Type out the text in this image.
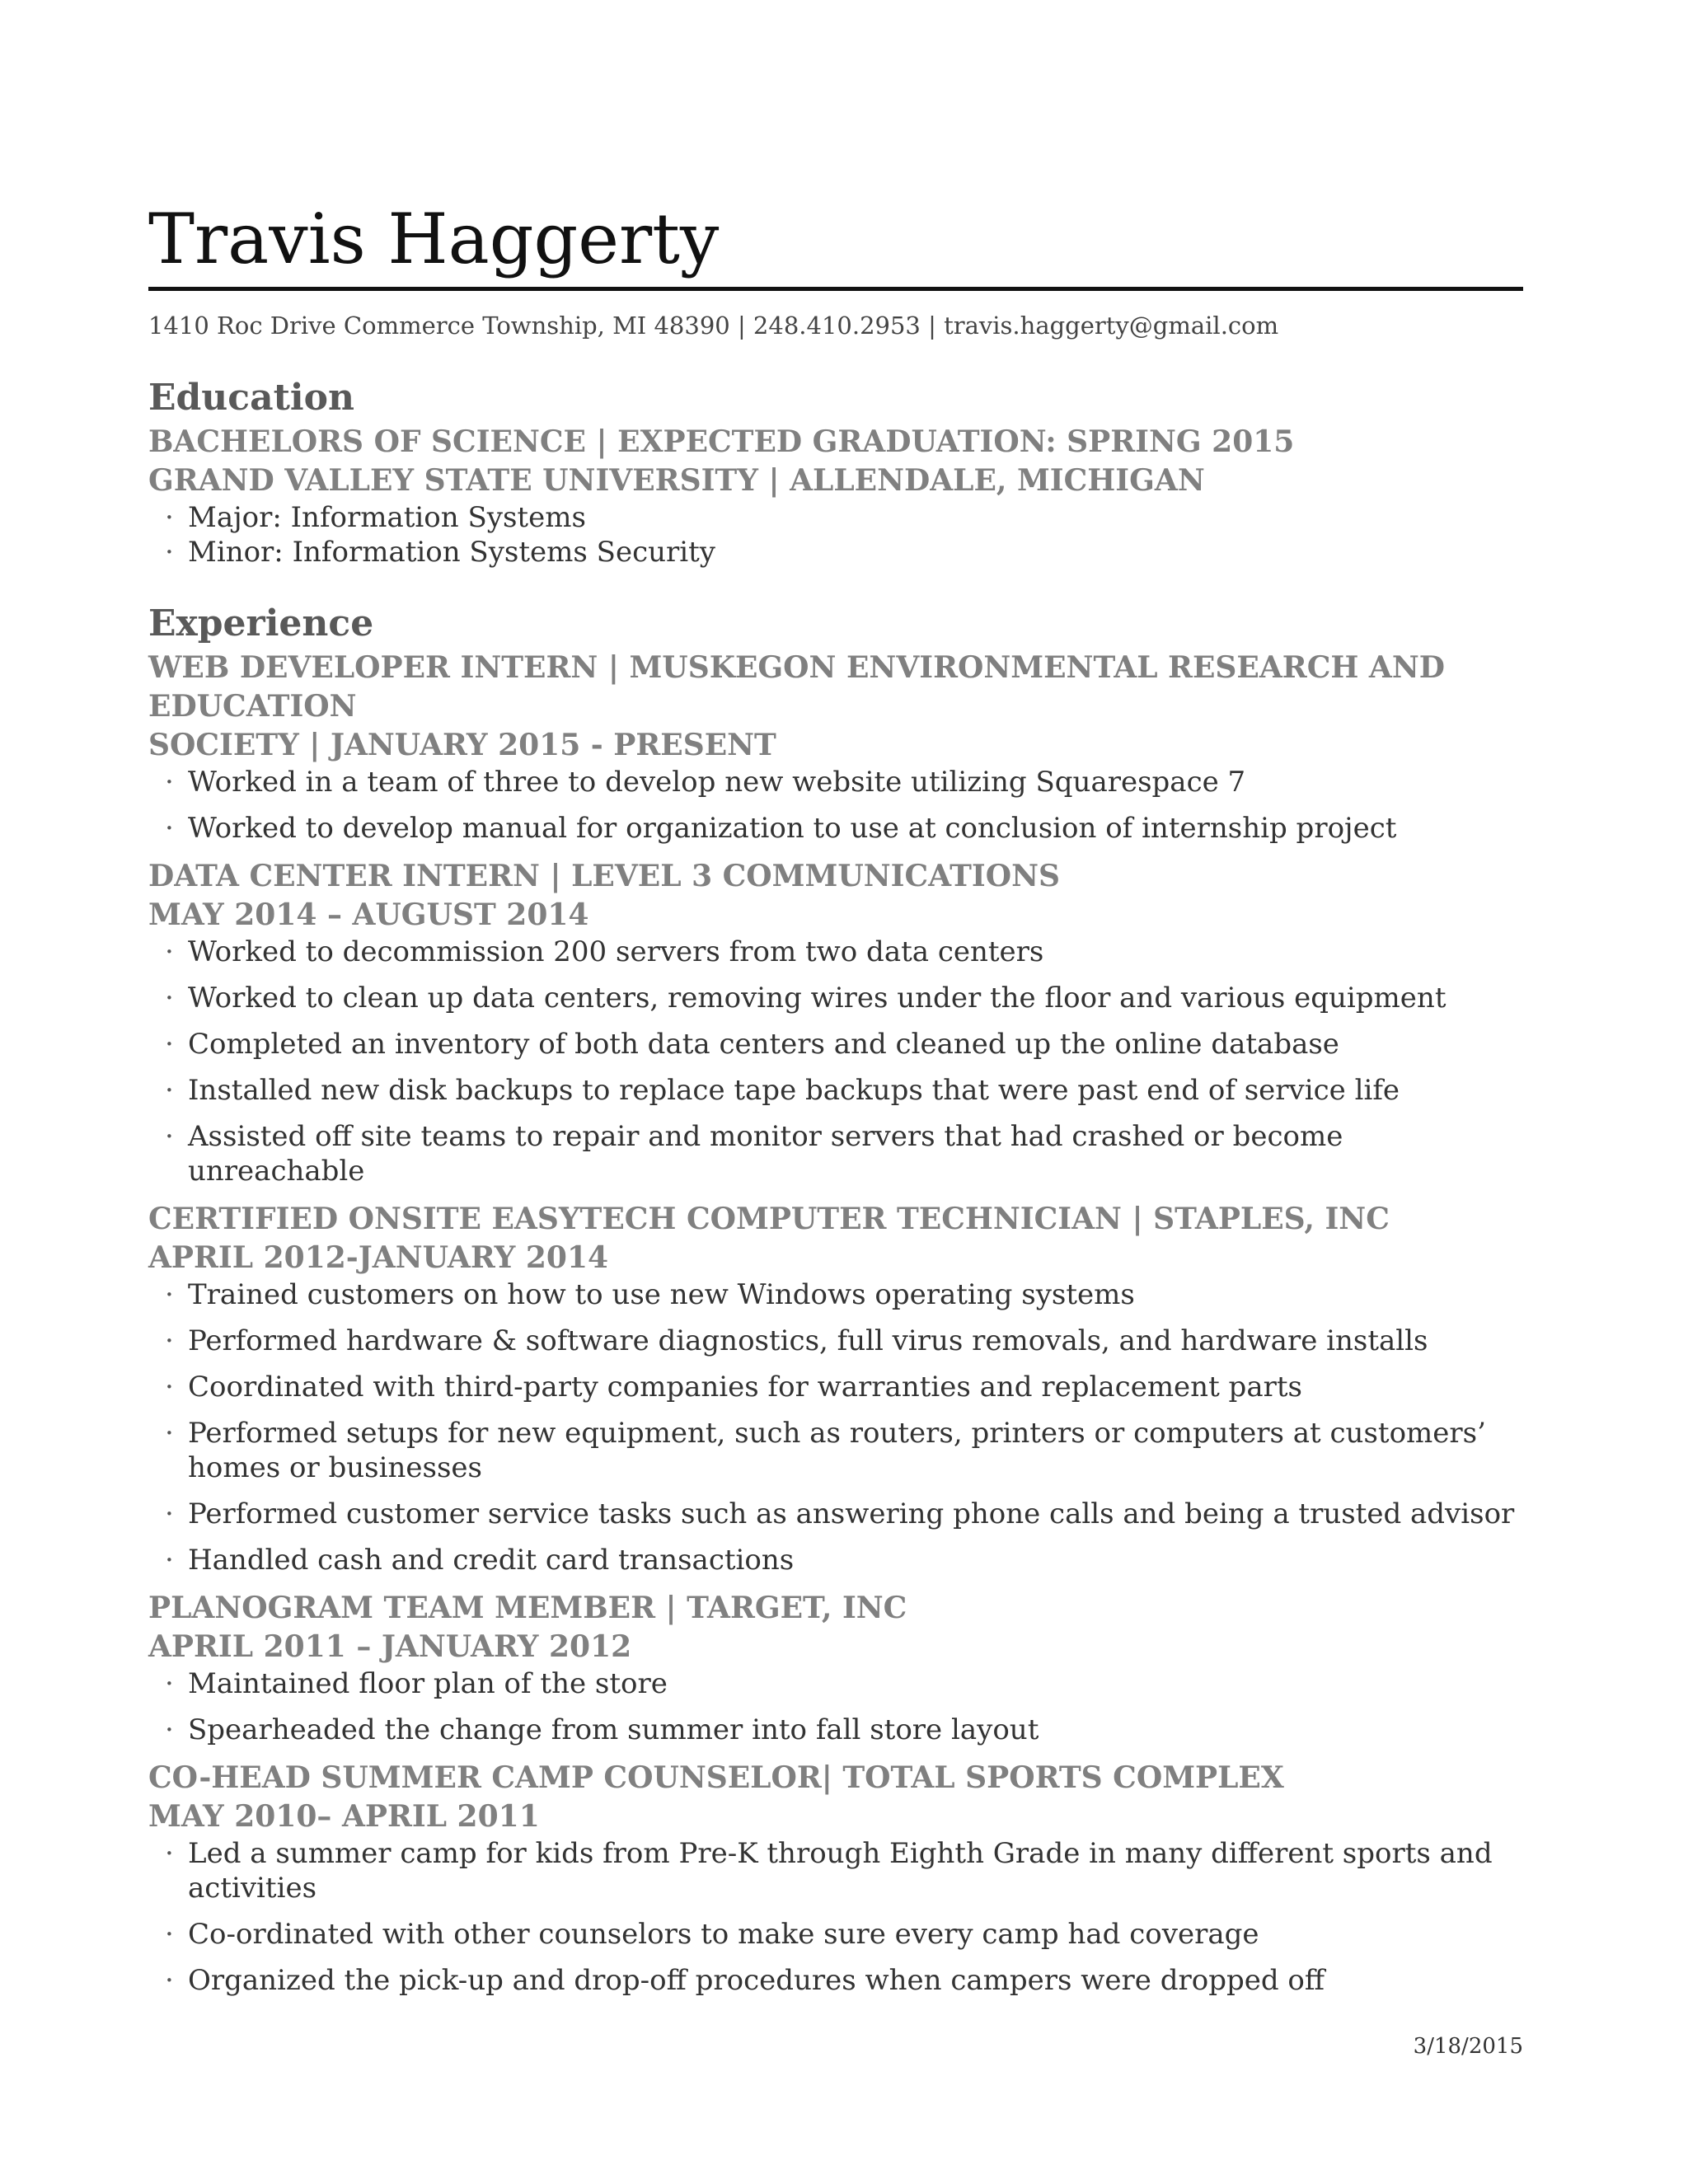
Travis Haggerty
1410 Roc Drive Commerce Township, MI 48390 | 248.410.2953 | travis.haggerty@gmail.com
Education
BACHELORS OF SCIENCE | EXPECTED GRADUATION: SPRING 2015
GRAND VALLEY STATE UNIVERSITY | ALLENDALE, MICHIGAN
· Major: Information Systems
· Minor: Information Systems Security
Experience
WEB DEVELOPER INTERN | MUSKEGON ENVIRONMENTAL RESEARCH AND EDUCATION
SOCIETY | JANUARY 2015 - PRESENT
· Worked in a team of three to develop new website utilizing Squarespace 7
· Worked to develop manual for organization to use at conclusion of internship project
DATA CENTER INTERN | LEVEL 3 COMMUNICATIONS
MAY 2014 – AUGUST 2014
· Worked to decommission 200 servers from two data centers
· Worked to clean up data centers, removing wires under the floor and various equipment
· Completed an inventory of both data centers and cleaned up the online database
· Installed new disk backups to replace tape backups that were past end of service life
· Assisted off site teams to repair and monitor servers that had crashed or become unreachable
CERTIFIED ONSITE EASYTECH COMPUTER TECHNICIAN | STAPLES, INC
APRIL 2012-JANUARY 2014
· Trained customers on how to use new Windows operating systems
· Performed hardware & software diagnostics, full virus removals, and hardware installs
· Coordinated with third-party companies for warranties and replacement parts
· Performed setups for new equipment, such as routers, printers or computers at customers’ homes or businesses
· Performed customer service tasks such as answering phone calls and being a trusted advisor
· Handled cash and credit card transactions
PLANOGRAM TEAM MEMBER | TARGET, INC
APRIL 2011 – JANUARY 2012
· Maintained floor plan of the store
· Spearheaded the change from summer into fall store layout
CO-HEAD SUMMER CAMP COUNSELOR| TOTAL SPORTS COMPLEX
MAY 2010– APRIL 2011
· Led a summer camp for kids from Pre-K through Eighth Grade in many different sports and activities
· Co-ordinated with other counselors to make sure every camp had coverage
· Organized the pick-up and drop-off procedures when campers were dropped off
3/18/2015
